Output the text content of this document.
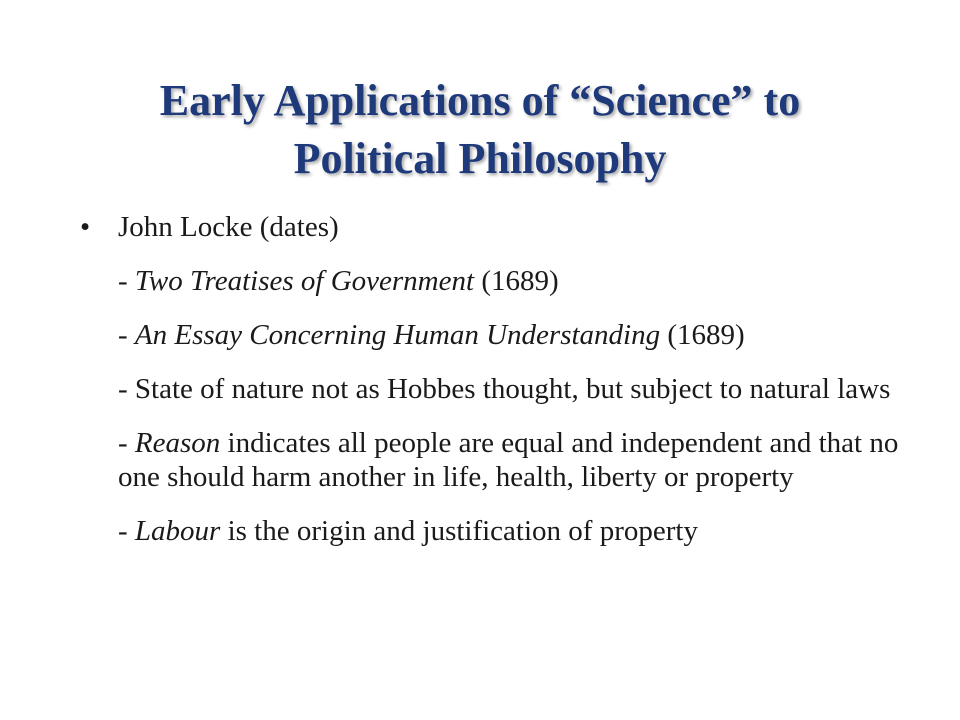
Early Applications of “Science” to
Political Philosophy
• John Locke (dates)
- Two Treatises of Government (1689)
- An Essay Concerning Human Understanding (1689)
- State of nature not as Hobbes thought, but subject to natural laws
- Reason indicates all people are equal and independent and that no one should harm another in life, health, liberty or property
- Labour is the origin and justification of property
